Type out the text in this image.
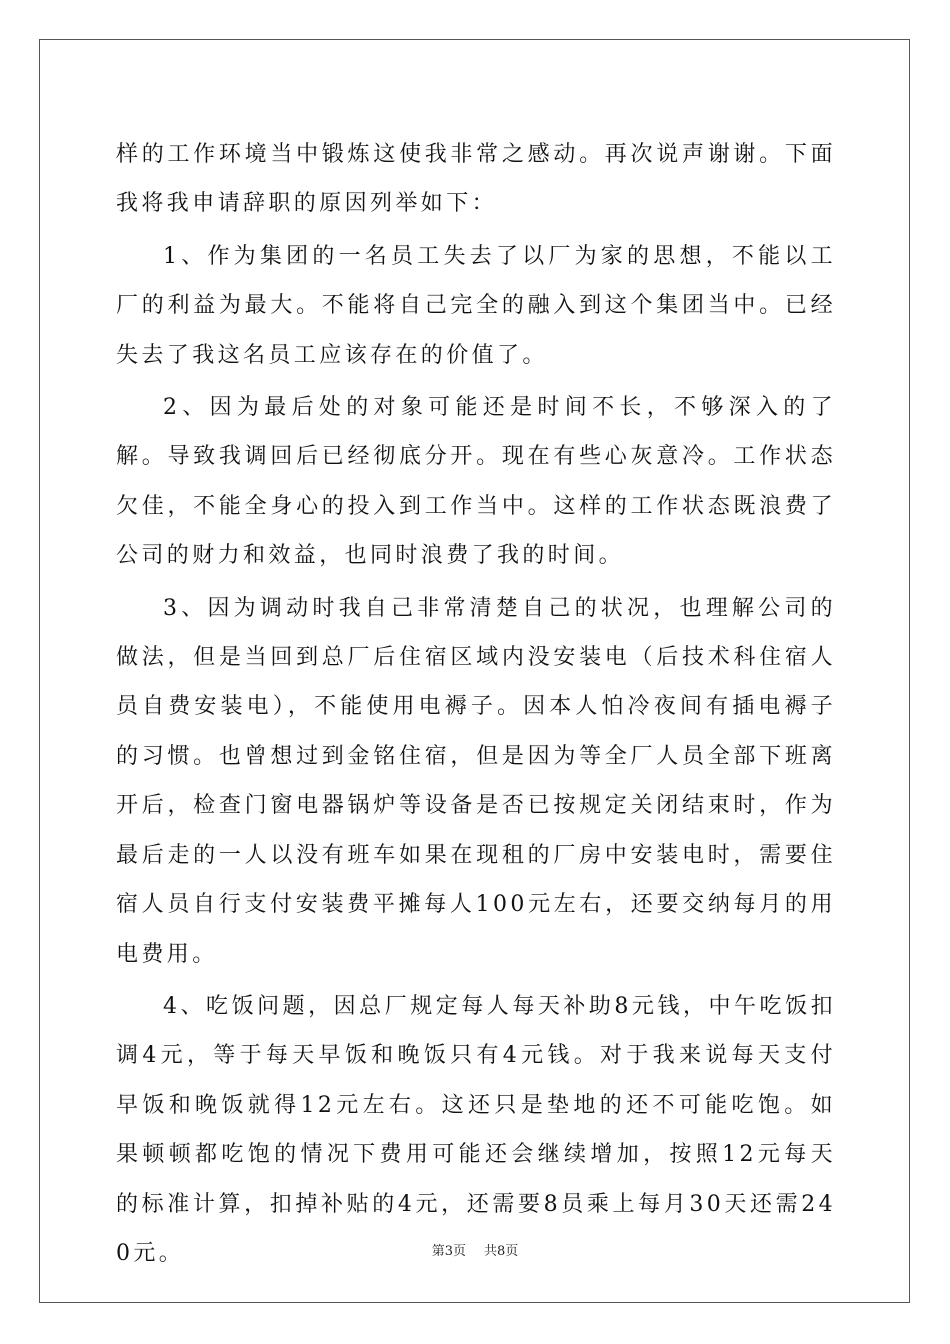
样的工作环境当中锻炼这使我非常之感动。再次说声谢谢。下面我将我申请辞职的原因列举如下：

1、作为集团的一名员工失去了以厂为家的思想，不能以工厂的利益为最大。不能将自己完全的融入到这个集团当中。已经失去了我这名员工应该存在的价值了。

2、因为最后处的对象可能还是时间不长，不够深入的了解。导致我调回后已经彻底分开。现在有些心灰意冷。工作状态欠佳，不能全身心的投入到工作当中。这样的工作状态既浪费了公司的财力和效益，也同时浪费了我的时间。

3、因为调动时我自己非常清楚自己的状况，也理解公司的做法，但是当回到总厂后住宿区域内没安装电（后技术科住宿人员自费安装电），不能使用电褥子。因本人怕冷夜间有插电褥子的习惯。也曾想过到金铭住宿，但是因为等全厂人员全部下班离开后，检查门窗电器锅炉等设备是否已按规定关闭结束时，作为最后走的一人以没有班车如果在现租的厂房中安装电时，需要住宿人员自行支付安装费平摊每人100元左右，还要交纳每月的用电费用。

4、吃饭问题，因总厂规定每人每天补助8元钱，中午吃饭扣调4元，等于每天早饭和晚饭只有4元钱。对于我来说每天支付早饭和晚饭就得12元左右。这还只是垫地的还不可能吃饱。如果顿顿都吃饱的情况下费用可能还会继续增加，按照12元每天的标准计算，扣掉补贴的4元，还需要8员乘上每月30天还需240元。	第3页 共8页
